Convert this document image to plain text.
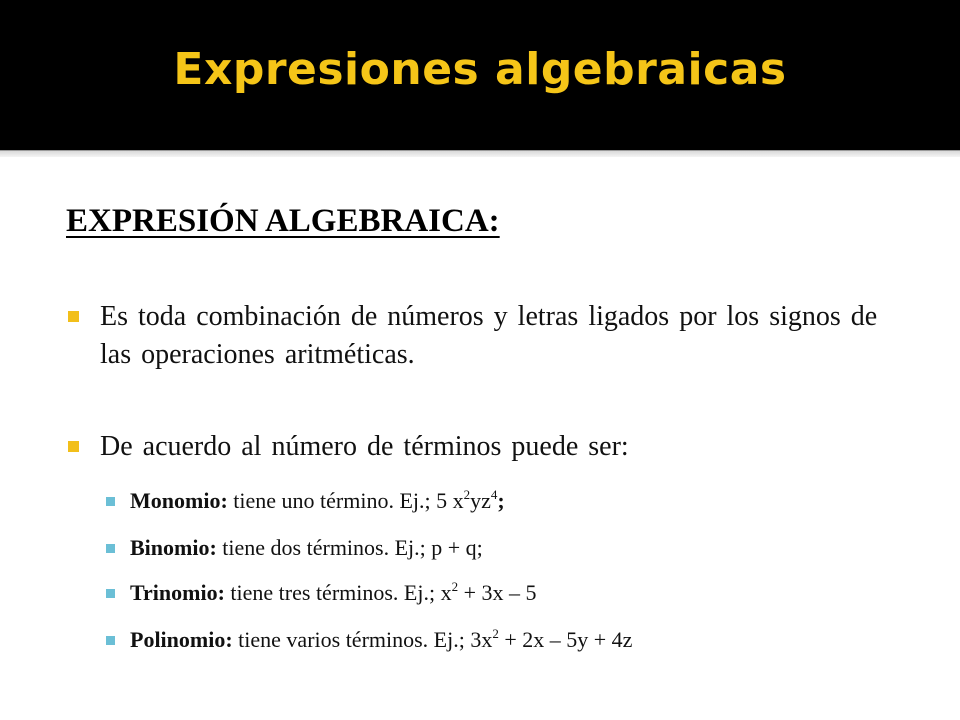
Expresiones algebraicas
EXPRESIÓN ALGEBRAICA:
Es toda combinación de números y letras ligados por los signos de las operaciones aritméticas.
De acuerdo al número de términos puede ser:
Monomio: tiene uno término. Ej.; 5 $x^2yz^4$;
Binomio: tiene dos términos. Ej.; p + q;
Trinomio: tiene tres términos. Ej.; $x^2 + 3x - 5$
Polinomio: tiene varios términos. Ej.; $3x^2 + 2x - 5y + 4z$
